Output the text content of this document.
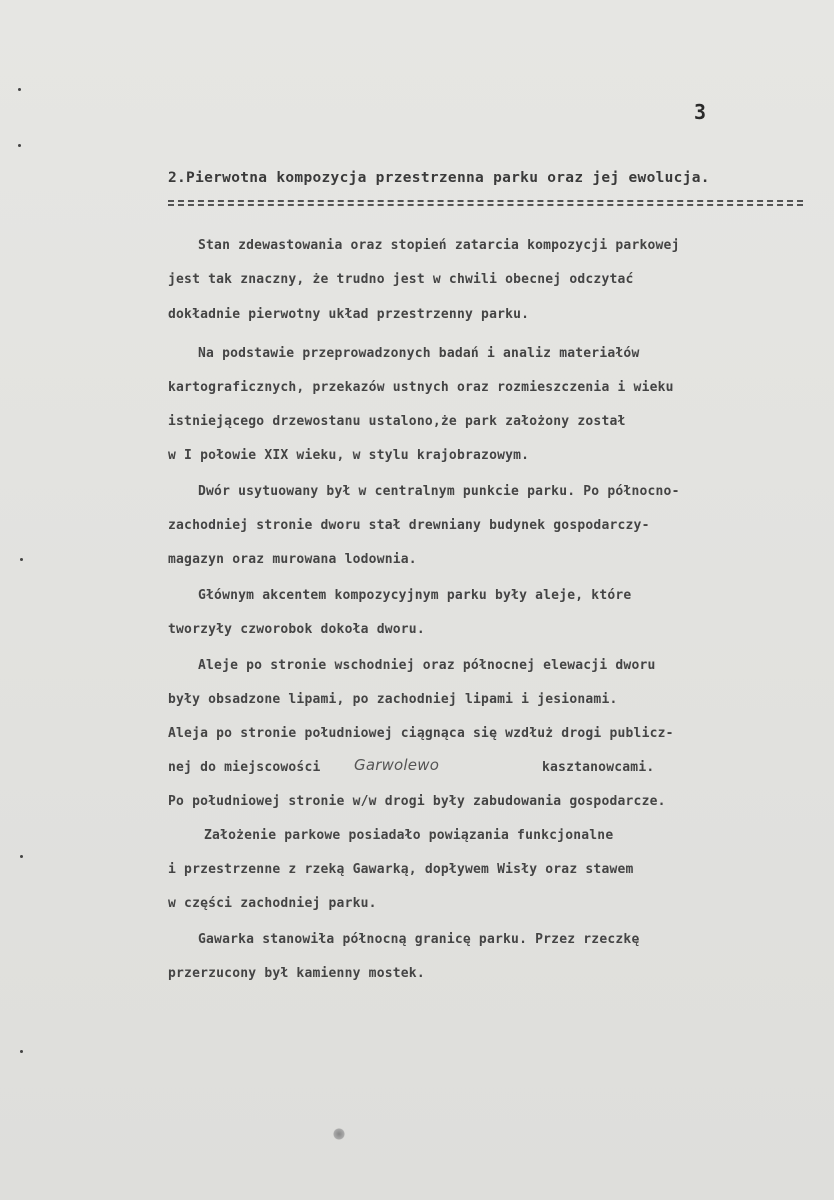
3
2.Pierwotna kompozycja przestrzenna parku oraz jej ewolucja.
Stan zdewastowania oraz stopień zatarcia kompozycji parkowej
jest tak znaczny, że trudno jest w chwili obecnej odczytać
dokładnie pierwotny układ przestrzenny parku.
Na podstawie przeprowadzonych badań i analiz materiałów
kartograficznych, przekazów ustnych oraz rozmieszczenia i wieku
istniejącego drzewostanu ustalono,że park założony został
w I połowie XIX wieku, w stylu krajobrazowym.
Dwór usytuowany był w centralnym punkcie parku. Po północno-
zachodniej stronie dworu stał drewniany budynek gospodarczy-
magazyn oraz murowana lodownia.
Głównym akcentem kompozycyjnym parku były aleje, które
tworzyły czworobok dokoła dworu.
Aleje po stronie wschodniej oraz północnej elewacji dworu
były obsadzone lipami, po zachodniej lipami i jesionami.
Aleja po stronie południowej ciągnąca się wzdłuż drogi publicz-
nej do miejscowości Garwolewo	kasztanowcami.
Po południowej stronie w/w drogi były zabudowania gospodarcze.
Założenie parkowe posiadało powiązania funkcjonalne
i przestrzenne z rzeką Gawarką, dopływem Wisły oraz stawem
w części zachodniej parku.
Gawarka stanowiła północną granicę parku. Przez rzeczkę
przerzucony był kamienny mostek.
